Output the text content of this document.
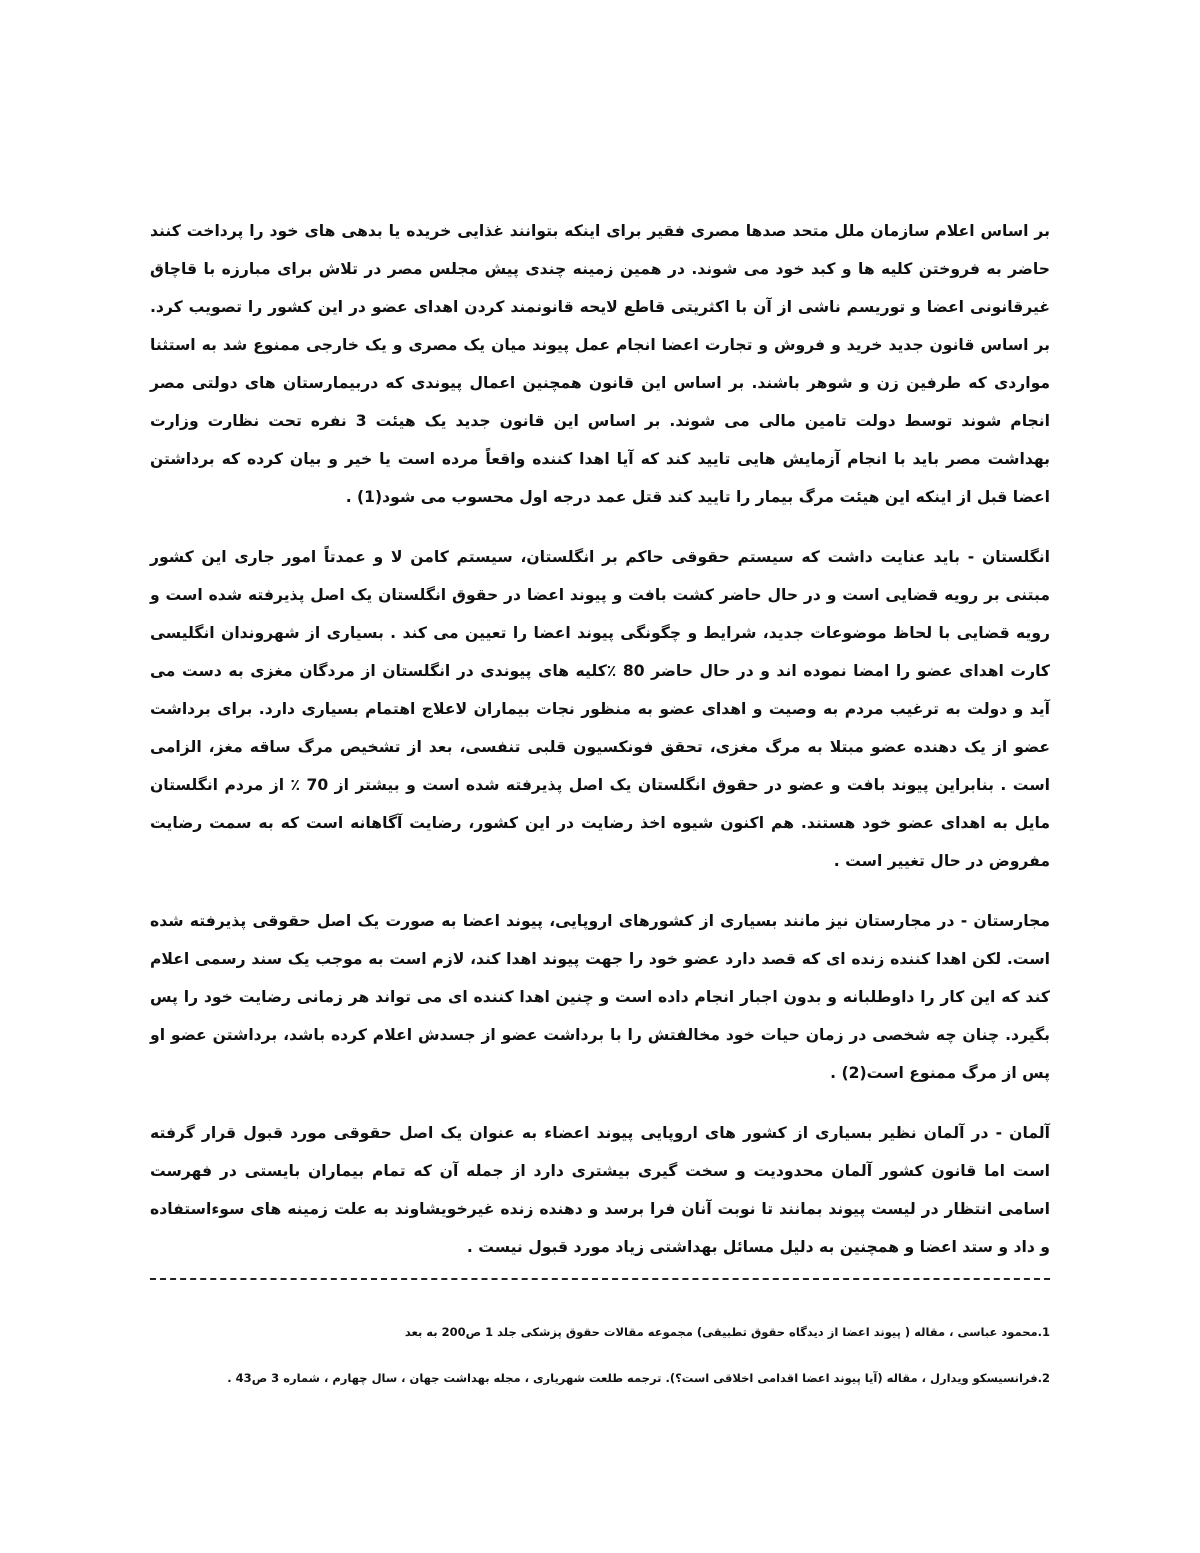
بر اساس اعلام سازمان ملل متحد صدها مصری فقیر برای اینکه بتوانند غذایی خریده یا بدهی های خود را پرداخت کنند حاضر به فروختن کلیه ها و کبد خود می شوند. در همین زمینه چندی پیش مجلس مصر در تلاش برای مبارزه با قاچاق غیرقانونی اعضا و توریسم ناشی از آن با اکثریتی قاطع لایحه قانونمند کردن اهدای عضو در این کشور را تصویب کرد. بر اساس قانون جدید خرید و فروش و تجارت اعضا انجام عمل پیوند میان یک مصری و یک خارجی ممنوع شد به استثنا مواردی که طرفین زن و شوهر باشند. بر اساس این قانون همچنین اعمال پیوندی که دربیمارستان های دولتی مصر انجام شوند توسط دولت تامین مالی می شوند. بر اساس این قانون جدید یک هیئت 3 نفره تحت نظارت وزارت بهداشت مصر باید با انجام آزمایش هایی تایید کند که آیا اهدا کننده واقعاً مرده است یا خیر و بیان کرده که برداشتن اعضا قبل از اینکه این هیئت مرگ بیمار را تایید کند قتل عمد درجه اول محسوب می شود(1) .

انگلستان - باید عنایت داشت که سیستم حقوقی حاکم بر انگلستان، سیستم کامن لا و عمدتاً امور جاری این کشور مبتنی بر رویه قضایی است و در حال حاضر کشت بافت و پیوند اعضا در حقوق انگلستان یک اصل پذیرفته شده است و رویه قضایی با لحاظ موضوعات جدید، شرایط و چگونگی پیوند اعضا را تعیین می کند . بسیاری از شهروندان انگلیسی کارت اهدای عضو را امضا نموده اند و در حال حاضر 80 ٪کلیه های پیوندی در انگلستان از مردگان مغزی به دست می آید و دولت به ترغیب مردم به وصیت و اهدای عضو به منظور نجات بیماران لاعلاج اهتمام بسیاری دارد. برای برداشت عضو از یک دهنده عضو مبتلا به مرگ مغزی، تحقق فونکسیون قلبی تنفسی، بعد از تشخیص مرگ ساقه مغز، الزامی است . بنابراین پیوند بافت و عضو در حقوق انگلستان یک اصل پذیرفته شده است و بیشتر از 70 ٪ از مردم انگلستان مایل به اهدای عضو خود هستند. هم اکنون شیوه اخذ رضایت در این کشور، رضایت آگاهانه است که به سمت رضایت مفروض در حال تغییر است .

مجارستان - در مجارستان نیز مانند بسیاری از کشورهای اروپایی، پیوند اعضا به صورت یک اصل حقوقی پذیرفته شده است. لکن اهدا کننده زنده ای که قصد دارد عضو خود را جهت پیوند اهدا کند، لازم است به موجب یک سند رسمی اعلام کند که این کار را داوطلبانه و بدون اجبار انجام داده است و چنین اهدا کننده ای می تواند هر زمانی رضایت خود را پس بگیرد. چنان چه شخصی در زمان حیات خود مخالفتش را با برداشت عضو از جسدش اعلام کرده باشد، برداشتن عضو او پس از مرگ ممنوع است(2) .

آلمان - در آلمان نظیر بسیاری از کشور های اروپایی پیوند اعضاء به عنوان یک اصل حقوقی مورد قبول قرار گرفته است اما قانون کشور آلمان محدودیت و سخت گیری بیشتری دارد از جمله آن که تمام بیماران بایستی در فهرست اسامی انتظار در لیست پیوند بمانند تا نوبت آنان فرا برسد و دهنده زنده غیرخویشاوند به علت زمینه های سوءاستفاده و داد و ستد اعضا و همچنین به دلیل مسائل بهداشتی زیاد مورد قبول نیست .

1.محمود عباسی ، مقاله ( پیوند اعضا از دیدگاه حقوق تطبیقی) مجموعه مقالات حقوق پزشکی جلد 1 ص200 به بعد

2.فرانسیسکو ویدارل ، مقاله (آیا پیوند اعضا اقدامی اخلاقی است؟). ترجمه طلعت شهریاری ، مجله بهداشت جهان ، سال چهارم ، شماره 3 ص43 .
